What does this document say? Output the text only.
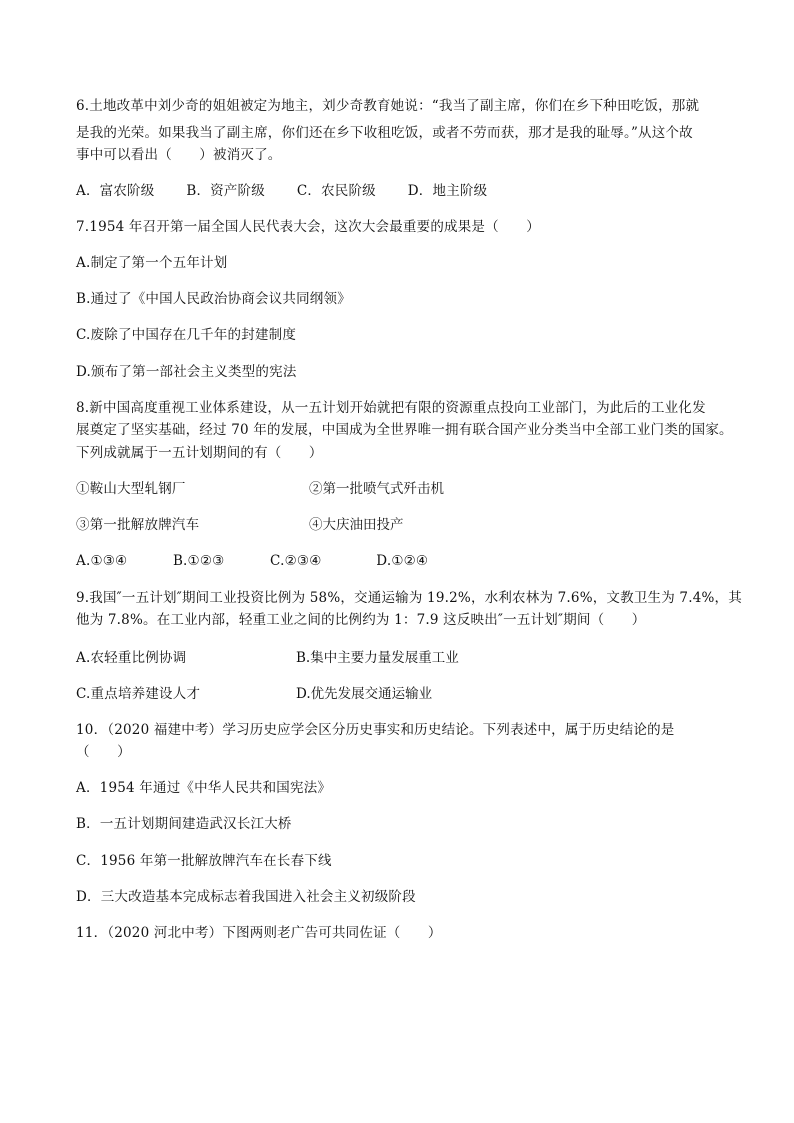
6.土地改革中刘少奇的姐姐被定为地主，刘少奇教育她说：“我当了副主席，你们在乡下种田吃饭，那就
是我的光荣。如果我当了副主席，你们还在乡下收租吃饭，或者不劳而获，那才是我的耻辱。”从这个故
事中可以看出（　　）被消灭了。
A．富农阶级　　 B．资产阶级　　 C．农民阶级　　 D．地主阶级
7.1954 年召开第一届全国人民代表大会，这次大会最重要的成果是（　　）
A.制定了第一个五年计划
B.通过了《中国人民政治协商会议共同纲领》
C.废除了中国存在几千年的封建制度
D.颁布了第一部社会主义类型的宪法
8.新中国高度重视工业体系建设，从一五计划开始就把有限的资源重点投向工业部门，为此后的工业化发
展奠定了坚实基础，经过 70 年的发展，中国成为全世界唯一拥有联合国产业分类当中全部工业门类的国家。
下列成就属于一五计划期间的有（　　）
①鞍山大型轧钢厂	②第一批喷气式歼击机
③第一批解放牌汽车	④大庆油田投产
A.①③④　　　 B.①②③　　　 C.②③④　　　　D.①②④
9.我国″一五计划″期间工业投资比例为 58%，交通运输为 19.2%，水利农林为 7.6%，文教卫生为 7.4%，其
他为 7.8%。在工业内部，轻重工业之间的比例约为 1：7.9 这反映出″一五计划″期间（　　）
A.农轻重比例协调	B.集中主要力量发展重工业
C.重点培养建设人才	D.优先发展交通运输业
10．（2020 福建中考）学习历史应学会区分历史事实和历史结论。下列表述中，属于历史结论的是
（　　）
A．1954 年通过《中华人民共和国宪法》
B．一五计划期间建造武汉长江大桥
C．1956 年第一批解放牌汽车在长春下线
D．三大改造基本完成标志着我国进入社会主义初级阶段
11．（2020 河北中考）下图两则老广告可共同佐证（　　）
